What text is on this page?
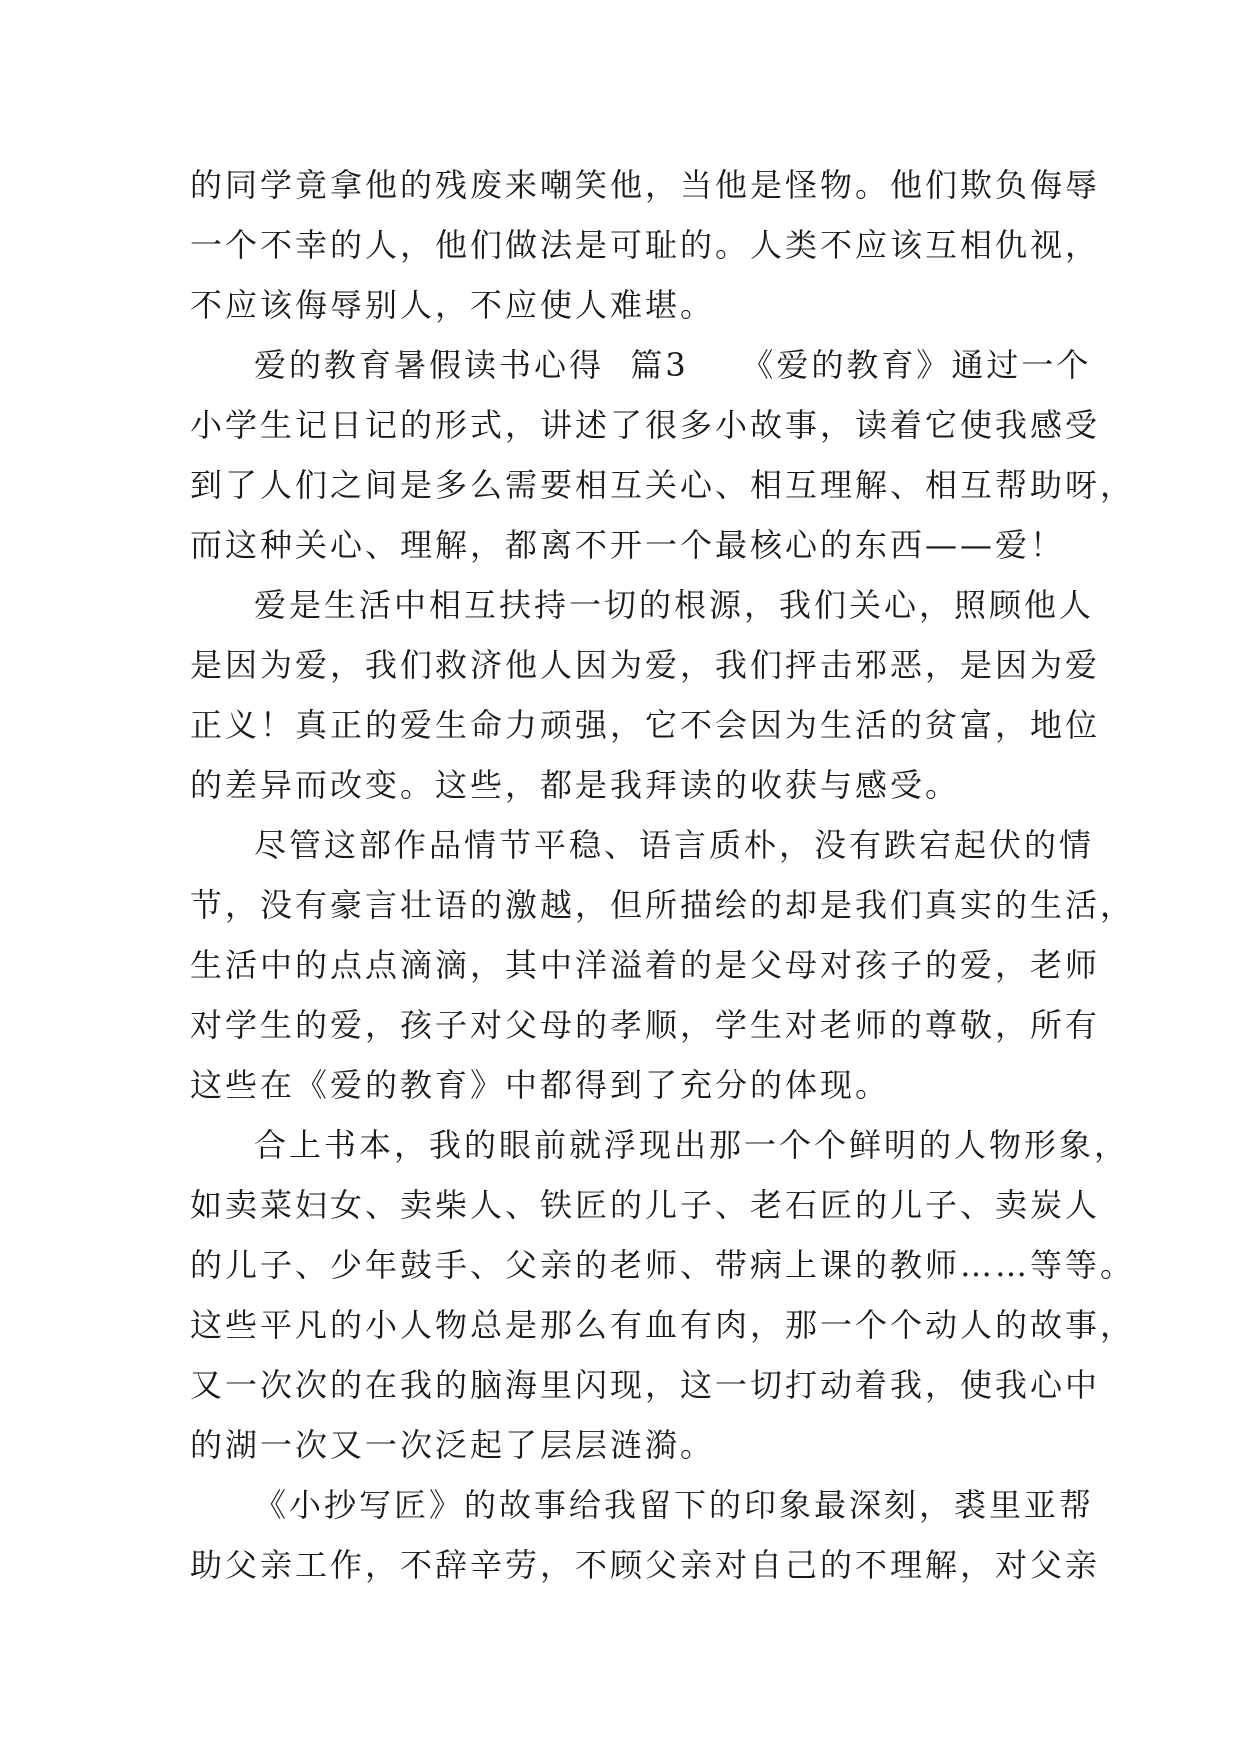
的同学竟拿他的残废来嘲笑他，当他是怪物。他们欺负侮辱
一个不幸的人，他们做法是可耻的。人类不应该互相仇视，
不应该侮辱别人，不应使人难堪。
爱的教育暑假读书心得  篇3    《爱的教育》通过一个
小学生记日记的形式，讲述了很多小故事，读着它使我感受
到了人们之间是多么需要相互关心、相互理解、相互帮助呀，
而这种关心、理解，都离不开一个最核心的东西——爱！
爱是生活中相互扶持一切的根源，我们关心，照顾他人
是因为爱，我们救济他人因为爱，我们抨击邪恶，是因为爱
正义！真正的爱生命力顽强，它不会因为生活的贫富，地位
的差异而改变。这些，都是我拜读的收获与感受。
尽管这部作品情节平稳、语言质朴，没有跌宕起伏的情
节，没有豪言壮语的激越，但所描绘的却是我们真实的生活，
生活中的点点滴滴，其中洋溢着的是父母对孩子的爱，老师
对学生的爱，孩子对父母的孝顺，学生对老师的尊敬，所有
这些在《爱的教育》中都得到了充分的体现。
合上书本，我的眼前就浮现出那一个个鲜明的人物形象，
如卖菜妇女、卖柴人、铁匠的儿子、老石匠的儿子、卖炭人
的儿子、少年鼓手、父亲的老师、带病上课的教师……等等。
这些平凡的小人物总是那么有血有肉，那一个个动人的故事，
又一次次的在我的脑海里闪现，这一切打动着我，使我心中
的湖一次又一次泛起了层层涟漪。
《小抄写匠》的故事给我留下的印象最深刻，裘里亚帮
助父亲工作，不辞辛劳，不顾父亲对自己的不理解，对父亲
